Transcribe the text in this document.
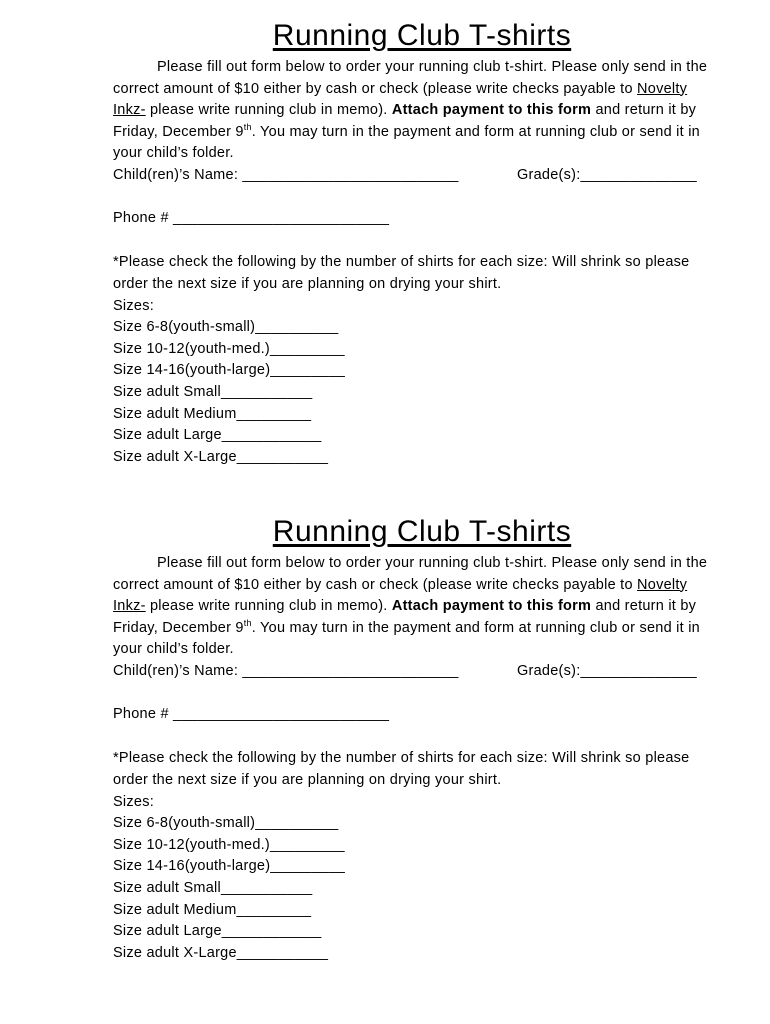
Running Club T-shirts
Please fill out form below to order your running club t-shirt. Please only send in the correct amount of $10 either by cash or check (please write checks payable to Novelty Inkz- please write running club in memo). Attach payment to this form and return it by Friday, December 9th. You may turn in the payment and form at running club or send it in your child’s folder.
Child(ren)’s Name: __________________________	Grade(s):______________
Phone # __________________________
*Please check the following by the number of shirts for each size: Will shrink so please order the next size if you are planning on drying your shirt.
Sizes:
Size 6-8(youth-small)__________
Size 10-12(youth-med.)_________
Size 14-16(youth-large)_________
Size adult Small___________
Size adult Medium_________
Size adult Large____________
Size adult X-Large___________
Running Club T-shirts
Please fill out form below to order your running club t-shirt. Please only send in the correct amount of $10 either by cash or check (please write checks payable to Novelty Inkz- please write running club in memo). Attach payment to this form and return it by Friday, December 9th. You may turn in the payment and form at running club or send it in your child’s folder.
Child(ren)’s Name: __________________________	Grade(s):______________
Phone # __________________________
*Please check the following by the number of shirts for each size: Will shrink so please order the next size if you are planning on drying your shirt.
Sizes:
Size 6-8(youth-small)__________
Size 10-12(youth-med.)_________
Size 14-16(youth-large)_________
Size adult Small___________
Size adult Medium_________
Size adult Large____________
Size adult X-Large___________
